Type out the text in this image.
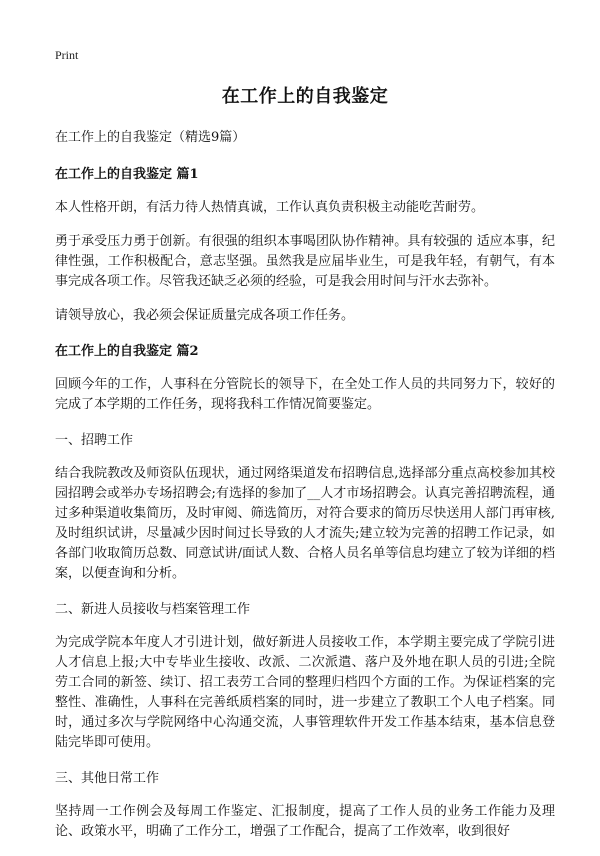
Print
在工作上的自我鉴定
在工作上的自我鉴定（精选9篇）
在工作上的自我鉴定 篇1

本人性格开朗，有活力待人热情真诚，工作认真负责积极主动能吃苦耐劳。

勇于承受压力勇于创新。有很强的组织本事喝团队协作精神。具有较强的 适应本事，纪律性强，工作积极配合，意志坚强。虽然我是应届毕业生，可是我年轻，有朝气，有本事完成各项工作。尽管我还缺乏必须的经验，可是我会用时间与汗水去弥补。

请领导放心，我必须会保证质量完成各项工作任务。

在工作上的自我鉴定 篇2

回顾今年的工作，人事科在分管院长的领导下，在全处工作人员的共同努力下，较好的完成了本学期的工作任务，现将我科工作情况简要鉴定。

一、招聘工作

结合我院教改及师资队伍现状，通过网络渠道发布招聘信息,选择部分重点高校参加其校园招聘会或举办专场招聘会;有选择的参加了__人才市场招聘会。认真完善招聘流程，通过多种渠道收集简历，及时审阅、筛选简历，对符合要求的简历尽快送用人部门再审核,及时组织试讲，尽量减少因时间过长导致的人才流失;建立较为完善的招聘工作记录，如各部门收取简历总数、同意试讲/面试人数、合格人员名单等信息均建立了较为详细的档案，以便查询和分析。

二、新进人员接收与档案管理工作

为完成学院本年度人才引进计划，做好新进人员接收工作，本学期主要完成了学院引进人才信息上报;大中专毕业生接收、改派、二次派遣、落户及外地在职人员的引进;全院劳工合同的新签、续订、招工表劳工合同的整理归档四个方面的工作。为保证档案的完整性、准确性，人事科在完善纸质档案的同时，进一步建立了教职工个人电子档案。同时，通过多次与学院网络中心沟通交流，人事管理软件开发工作基本结束，基本信息登陆完毕即可使用。

三、其他日常工作

坚持周一工作例会及每周工作鉴定、汇报制度，提高了工作人员的业务工作能力及理论、政策水平，明确了工作分工，增强了工作配合，提高了工作效率，收到很好
